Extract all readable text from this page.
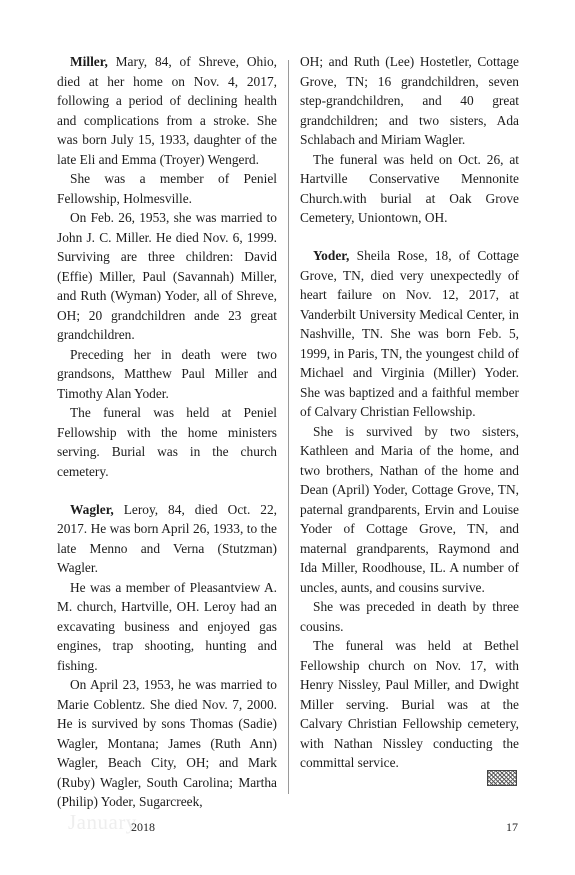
Miller, Mary, 84, of Shreve, Ohio, died at her home on Nov. 4, 2017, following a period of declining health and complications from a stroke. She was born July 15, 1933, daughter of the late Eli and Emma (Troyer) Wengerd.

She was a member of Peniel Fellowship, Holmesville.

On Feb. 26, 1953, she was married to John J. C. Miller. He died Nov. 6, 1999. Surviving are three children: David (Effie) Miller, Paul (Savannah) Miller, and Ruth (Wyman) Yoder, all of Shreve, OH; 20 grandchildren ande 23 great grandchildren.

Preceding her in death were two grandsons, Matthew Paul Miller and Timothy Alan Yoder.

The funeral was held at Peniel Fellowship with the home ministers serving. Burial was in the church cemetery.

Wagler, Leroy, 84, died Oct. 22, 2017. He was born April 26, 1933, to the late Menno and Verna (Stutzman) Wagler.

He was a member of Pleasantview A. M. church, Hartville, OH. Leroy had an excavating business and enjoyed gas engines, trap shooting, hunting and fishing.

On April 23, 1953, he was married to Marie Coblentz. She died Nov. 7, 2000. He is survived by sons Thomas (Sadie) Wagler, Montana; James (Ruth Ann) Wagler, Beach City, OH; and Mark (Ruby) Wagler, South Carolina; Martha (Philip) Yoder, Sugarcreek,

OH; and Ruth (Lee) Hostetler, Cottage Grove, TN; 16 grandchildren, seven step-grandchildren, and 40 great grandchildren; and two sisters, Ada Schlabach and Miriam Wagler.

The funeral was held on Oct. 26, at Hartville Conservative Mennonite Church.with burial at Oak Grove Cemetery, Uniontown, OH.

Yoder, Sheila Rose, 18, of Cottage Grove, TN, died very unexpectedly of heart failure on Nov. 12, 2017, at Vanderbilt University Medical Center, in Nashville, TN. She was born Feb. 5, 1999, in Paris, TN, the youngest child of Michael and Virginia (Miller) Yoder. She was baptized and a faithful member of Calvary Christian Fellowship.

She is survived by two sisters, Kathleen and Maria of the home, and two brothers, Nathan of the home and Dean (April) Yoder, Cottage Grove, TN, paternal grandparents, Ervin and Louise Yoder of Cottage Grove, TN, and maternal grandparents, Raymond and Ida Miller, Roodhouse, IL. A number of uncles, aunts, and cousins survive.

She was preceded in death by three cousins.

The funeral was held at Bethel Fellowship church on Nov. 17, with Henry Nissley, Paul Miller, and Dwight Miller serving. Burial was at the Calvary Christian Fellowship cemetery, with Nathan Nissley conducting the committal service.

January
2018	17
